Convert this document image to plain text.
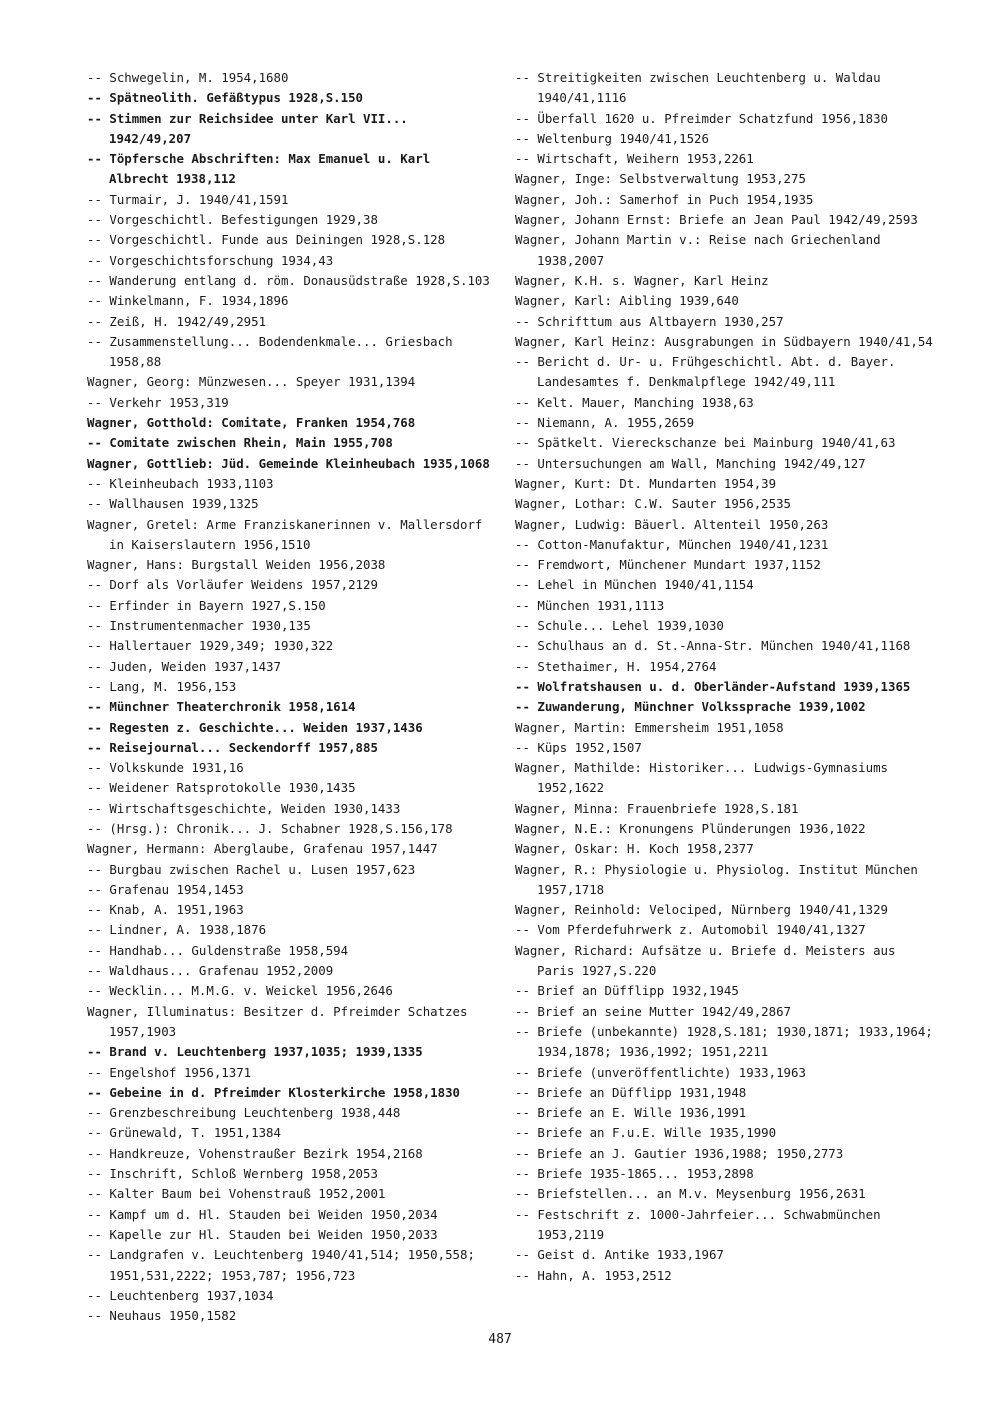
-- Schwegelin, M. 1954,1680
-- Spätneolith. Gefäßtypus 1928,S.150
-- Stimmen zur Reichsidee unter Karl VII... 1942/49,207
-- Töpfersche Abschriften: Max Emanuel u. Karl Albrecht 1938,112
-- Turmair, J. 1940/41,1591
-- Vorgeschichtl. Befestigungen 1929,38
-- Vorgeschichtl. Funde aus Deiningen 1928,S.128
-- Vorgeschichtsforschung 1934,43
-- Wanderung entlang d. röm. Donausüdstraße 1928,S.103
-- Winkelmann, F. 1934,1896
-- Zeiß, H. 1942/49,2951
-- Zusammenstellung... Bodendenkmale... Griesbach 1958,88
Wagner, Georg: Münzwesen... Speyer 1931,1394
-- Verkehr 1953,319
Wagner, Gotthold: Comitate, Franken 1954,768
-- Comitate zwischen Rhein, Main 1955,708
Wagner, Gottlieb: Jüd. Gemeinde Kleinheubach 1935,1068
-- Kleinheubach 1933,1103
-- Wallhausen 1939,1325
Wagner, Gretel: Arme Franziskanerinnen v. Mallersdorf in Kaiserslautern 1956,1510
Wagner, Hans: Burgstall Weiden 1956,2038
-- Dorf als Vorläufer Weidens 1957,2129
-- Erfinder in Bayern 1927,S.150
-- Instrumentenmacher 1930,135
-- Hallertauer 1929,349; 1930,322
-- Juden, Weiden 1937,1437
-- Lang, M. 1956,153
-- Münchner Theaterchronik 1958,1614
-- Regesten z. Geschichte... Weiden 1937,1436
-- Reisejournal... Seckendorff 1957,885
-- Volkskunde 1931,16
-- Weidener Ratsprotokolle 1930,1435
-- Wirtschaftsgeschichte, Weiden 1930,1433
-- (Hrsg.): Chronik... J. Schabner 1928,S.156,178
Wagner, Hermann: Aberglaube, Grafenau 1957,1447
-- Burgbau zwischen Rachel u. Lusen 1957,623
-- Grafenau 1954,1453
-- Knab, A. 1951,1963
-- Lindner, A. 1938,1876
-- Handhab... Guldenstraße 1958,594
-- Waldhaus... Grafenau 1952,2009
-- Wecklin... M.M.G. v. Weickel 1956,2646
Wagner, Illuminatus: Besitzer d. Pfreimder Schatzes 1957,1903
-- Brand v. Leuchtenberg 1937,1035; 1939,1335
-- Engelshof 1956,1371
-- Gebeine in d. Pfreimder Klosterkirche 1958,1830
-- Grenzbeschreibung Leuchtenberg 1938,448
-- Grünewald, T. 1951,1384
-- Handkreuze, Vohenstraußer Bezirk 1954,2168
-- Inschrift, Schloß Wernberg 1958,2053
-- Kalter Baum bei Vohenstrauß 1952,2001
-- Kampf um d. Hl. Stauden bei Weiden 1950,2034
-- Kapelle zur Hl. Stauden bei Weiden 1950,2033
-- Landgrafen v. Leuchtenberg 1940/41,514; 1950,558; 1951,531,2222; 1953,787; 1956,723
-- Leuchtenberg 1937,1034
-- Neuhaus 1950,1582
-- Streitigkeiten zwischen Leuchtenberg u. Waldau 1940/41,1116
-- Überfall 1620 u. Pfreimder Schatzfund 1956,1830
-- Weltenburg 1940/41,1526
-- Wirtschaft, Weihern 1953,2261
Wagner, Inge: Selbstverwaltung 1953,275
Wagner, Joh.: Samerhof in Puch 1954,1935
Wagner, Johann Ernst: Briefe an Jean Paul 1942/49,2593
Wagner, Johann Martin v.: Reise nach Griechenland 1938,2007
Wagner, K.H. s. Wagner, Karl Heinz
Wagner, Karl: Aibling 1939,640
-- Schrifttum aus Altbayern 1930,257
Wagner, Karl Heinz: Ausgrabungen in Südbayern 1940/41,54
-- Bericht d. Ur- u. Frühgeschichtl. Abt. d. Bayer. Landesamtes f. Denkmalpflege 1942/49,111
-- Kelt. Mauer, Manching 1938,63
-- Niemann, A. 1955,2659
-- Spätkelt. Viereckschanze bei Mainburg 1940/41,63
-- Untersuchungen am Wall, Manching 1942/49,127
Wagner, Kurt: Dt. Mundarten 1954,39
Wagner, Lothar: C.W. Sauter 1956,2535
Wagner, Ludwig: Bäuerl. Altenteil 1950,263
-- Cotton-Manufaktur, München 1940/41,1231
-- Fremdwort, Münchener Mundart 1937,1152
-- Lehel in München 1940/41,1154
-- München 1931,1113
-- Schule... Lehel 1939,1030
-- Schulhaus an d. St.-Anna-Str. München 1940/41,1168
-- Stethaimer, H. 1954,2764
-- Wolfratshausen u. d. Oberländer-Aufstand 1939,1365
-- Zuwanderung, Münchner Volkssprache 1939,1002
Wagner, Martin: Emmersheim 1951,1058
-- Küps 1952,1507
Wagner, Mathilde: Historiker... Ludwigs-Gymnasiums 1952,1622
Wagner, Minna: Frauenbriefe 1928,S.181
Wagner, N.E.: Kronungens Plünderungen 1936,1022
Wagner, Oskar: H. Koch 1958,2377
Wagner, R.: Physiologie u. Physiolog. Institut München 1957,1718
Wagner, Reinhold: Velociped, Nürnberg 1940/41,1329
-- Vom Pferdefuhrwerk z. Automobil 1940/41,1327
Wagner, Richard: Aufsätze u. Briefe d. Meisters aus Paris 1927,S.220
-- Brief an Düfflipp 1932,1945
-- Brief an seine Mutter 1942/49,2867
-- Briefe (unbekannte) 1928,S.181; 1930,1871; 1933,1964; 1934,1878; 1936,1992; 1951,2211
-- Briefe (unveröffentlichte) 1933,1963
-- Briefe an Düfflipp 1931,1948
-- Briefe an E. Wille 1936,1991
-- Briefe an F.u.E. Wille 1935,1990
-- Briefe an J. Gautier 1936,1988; 1950,2773
-- Briefe 1935-1865... 1953,2898
-- Briefstellen... an M.v. Meysenburg 1956,2631
-- Festschrift z. 1000-Jahrfeier... Schwabmünchen 1953,2119
-- Geist d. Antike 1933,1967
-- Hahn, A. 1953,2512
487
